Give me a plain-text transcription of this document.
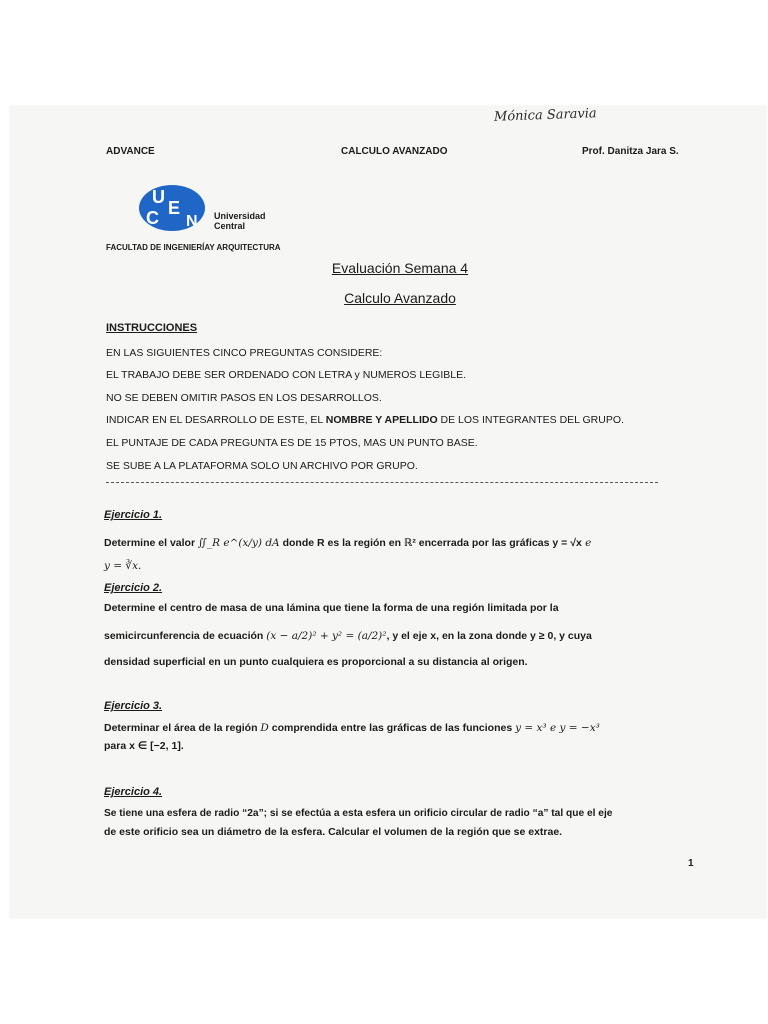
Mónica Saravia
ADVANCE	CALCULO AVANZADO	Prof. Danitza Jara S.
U
C E
N Universidad Central
FACULTAD DE INGENIERÍAY ARQUITECTURA
Evaluación Semana 4
Calculo Avanzado
INSTRUCCIONES
EN LAS SIGUIENTES CINCO PREGUNTAS CONSIDERE:
EL TRABAJO DEBE SER ORDENADO CON LETRA y NUMEROS LEGIBLE.
NO SE DEBEN OMITIR PASOS EN LOS DESARROLLOS.
INDICAR EN EL DESARROLLO DE ESTE, EL NOMBRE Y APELLIDO DE LOS INTEGRANTES DEL GRUPO.
EL PUNTAJE DE CADA PREGUNTA ES DE 15 PTOS, MAS UN PUNTO BASE.
SE SUBE A LA PLATAFORMA SOLO UN ARCHIVO POR GRUPO.
Ejercicio 1.
Determine el valor ∬_R e^(x/y) dA donde R es la región en ℝ² encerrada por las gráficas y = √x e
y = ∛x.
Ejercicio 2.
Determine el centro de masa de una lámina que tiene la forma de una región limitada por la
semicircunferencia de ecuación (x − a/2)² + y² = (a/2)², y el eje x, en la zona donde y ≥ 0, y cuya
densidad superficial en un punto cualquiera es proporcional a su distancia al origen.
Ejercicio 3.
Determinar el área de la región D comprendida entre las gráficas de las funciones y = x³ e y = −x³
para x ∈ [−2, 1].
Ejercicio 4.
Se tiene una esfera de radio “2a”; si se efectúa a esta esfera un orificio circular de radio “a” tal que el eje
de este orificio sea un diámetro de la esfera. Calcular el volumen de la región que se extrae.
1
